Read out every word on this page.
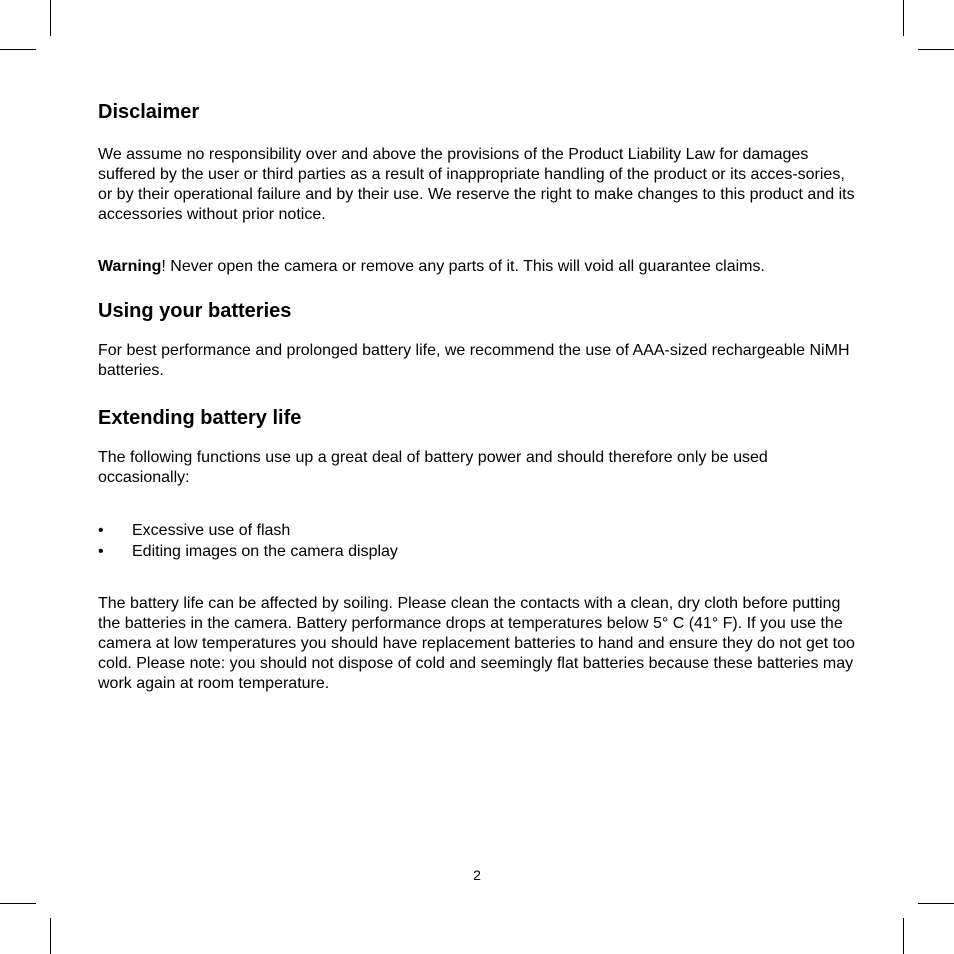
Disclaimer

We assume no responsibility over and above the provisions of the Product Liability Law for damages suffered by the user or third parties as a result of inappropriate handling of the product or its acces-sories, or by their operational failure and by their use. We reserve the right to make changes to this product and its accessories without prior notice.

Warning! Never open the camera or remove any parts of it. This will void all guarantee claims.

Using your batteries

For best performance and prolonged battery life, we recommend the use of AAA-sized rechargeable NiMH batteries.

Extending battery life

The following functions use up a great deal of battery power and should therefore only be used occasionally:

• Excessive use of flash
• Editing images on the camera display

The battery life can be affected by soiling. Please clean the contacts with a clean, dry cloth before putting the batteries in the camera. Battery performance drops at temperatures below 5° C (41° F). If you use the camera at low temperatures you should have replacement batteries to hand and ensure they do not get too cold. Please note: you should not dispose of cold and seemingly flat batteries because these batteries may work again at room temperature.

2
